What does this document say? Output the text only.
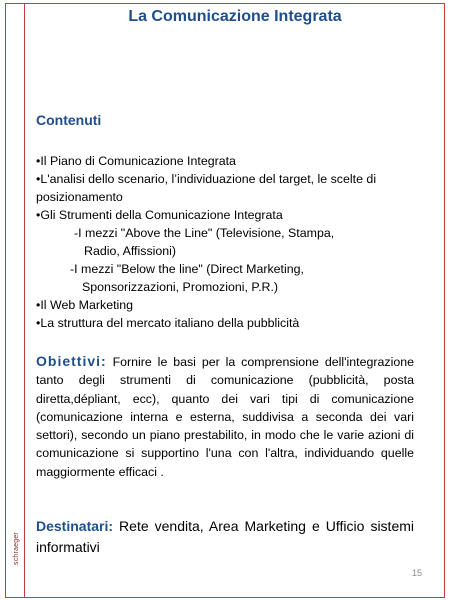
schraeger
La Comunicazione Integrata
Contenuti
•Il Piano di Comunicazione Integrata
•L'analisi dello scenario, l’individuazione del target, le scelte di posizionamento
•Gli Strumenti della Comunicazione Integrata
-I mezzi "Above the Line" (Televisione, Stampa,
Radio, Affissioni)
-I mezzi "Below the line" (Direct Marketing,
Sponsorizzazioni, Promozioni, P.R.)
•Il Web Marketing
•La struttura del mercato italiano della pubblicità
Obiettivi: Fornire le basi per la comprensione dell'integrazione tanto degli strumenti di comunicazione (pubblicità, posta diretta,dépliant, ecc), quanto dei vari tipi di comunicazione (comunicazione interna e esterna, suddivisa a seconda dei vari settori), secondo un piano prestabilito, in modo che le varie azioni di comunicazione si supportino l'una con l'altra, individuando quelle maggiormente efficaci .
Destinatari: Rete vendita, Area Marketing e Ufficio sistemi informativi
15
